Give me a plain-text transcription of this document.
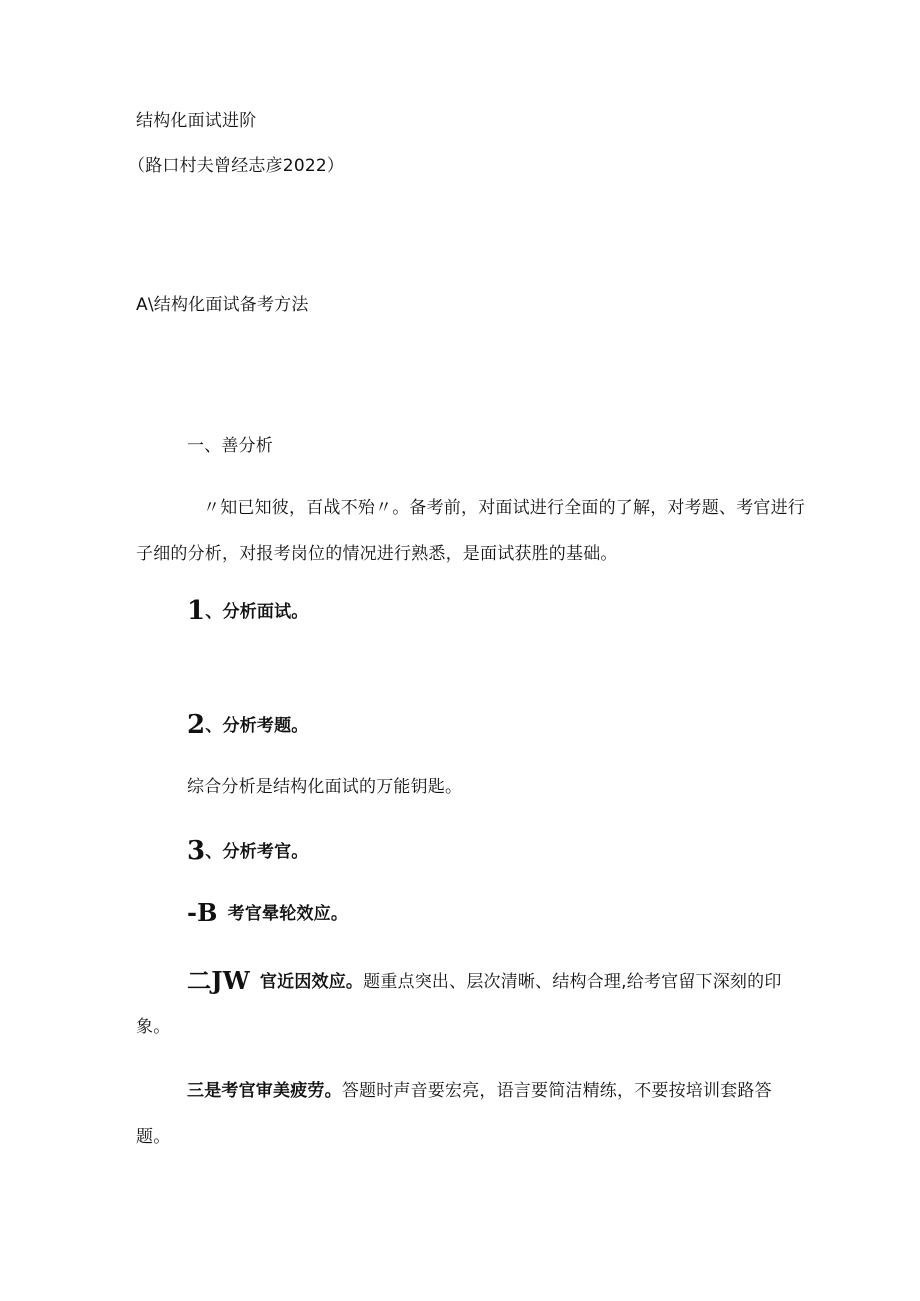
结构化面试进阶
（路口村夫曾经志彦2022）
A\结构化面试备考方法
一、善分析
〃知已知彼，百战不殆〃。备考前，对面试进行全面的了解，对考题、考官进行
子细的分析，对报考岗位的情况进行熟悉，是面试获胜的基础。
1、分析面试。
2、分析考题。
综合分析是结构化面试的万能钥匙。
3、分析考官。
-B 考官晕轮效应。
二JW 官近因效应。题重点突出、层次清晰、结构合理,给考官留下深刻的印
象。
三是考官审美疲劳。答题时声音要宏亮，语言要简洁精练，不要按培训套路答
题。
